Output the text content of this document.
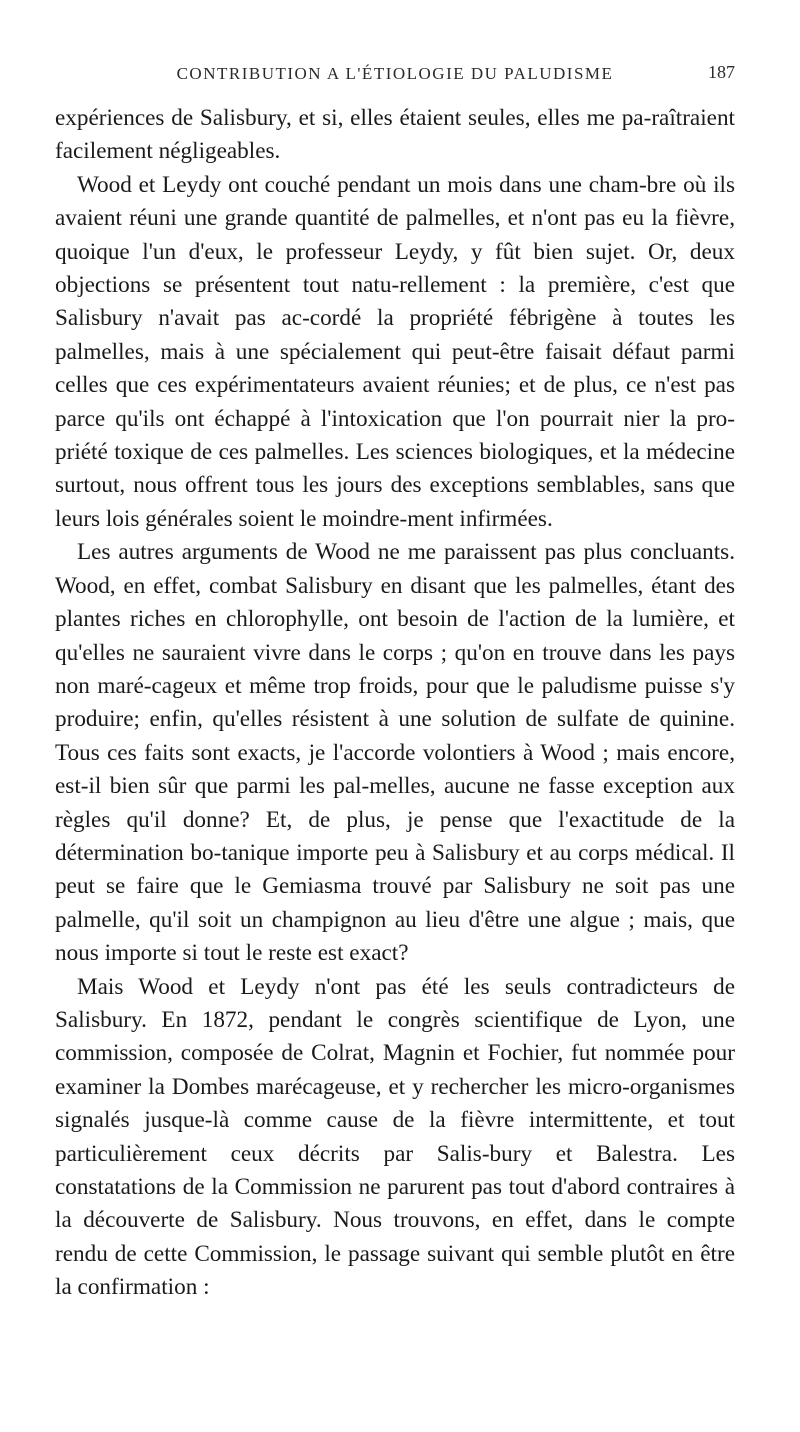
CONTRIBUTION A L'ÉTIOLOGIE DU PALUDISME	187

expériences de Salisbury, et si, elles étaient seules, elles me pa-raîtraient facilement négligeables.

Wood et Leydy ont couché pendant un mois dans une cham-bre où ils avaient réuni une grande quantité de palmelles, et n'ont pas eu la fièvre, quoique l'un d'eux, le professeur Leydy, y fût bien sujet. Or, deux objections se présentent tout natu-rellement : la première, c'est que Salisbury n'avait pas ac-cordé la propriété fébrigène à toutes les palmelles, mais à une spécialement qui peut-être faisait défaut parmi celles que ces expérimentateurs avaient réunies; et de plus, ce n'est pas parce qu'ils ont échappé à l'intoxication que l'on pourrait nier la pro-priété toxique de ces palmelles. Les sciences biologiques, et la médecine surtout, nous offrent tous les jours des exceptions semblables, sans que leurs lois générales soient le moindre-ment infirmées.

Les autres arguments de Wood ne me paraissent pas plus concluants. Wood, en effet, combat Salisbury en disant que les palmelles, étant des plantes riches en chlorophylle, ont besoin de l'action de la lumière, et qu'elles ne sauraient vivre dans le corps ; qu'on en trouve dans les pays non maré-cageux et même trop froids, pour que le paludisme puisse s'y produire; enfin, qu'elles résistent à une solution de sulfate de quinine. Tous ces faits sont exacts, je l'accorde volontiers à Wood ; mais encore, est-il bien sûr que parmi les pal-melles, aucune ne fasse exception aux règles qu'il donne? Et, de plus, je pense que l'exactitude de la détermination bo-tanique importe peu à Salisbury et au corps médical. Il peut se faire que le Gemiasma trouvé par Salisbury ne soit pas une palmelle, qu'il soit un champignon au lieu d'être une algue ; mais, que nous importe si tout le reste est exact?

Mais Wood et Leydy n'ont pas été les seuls contradicteurs de Salisbury. En 1872, pendant le congrès scientifique de Lyon, une commission, composée de Colrat, Magnin et Fochier, fut nommée pour examiner la Dombes marécageuse, et y rechercher les micro-organismes signalés jusque-là comme cause de la fièvre intermittente, et tout particulièrement ceux décrits par Salis-bury et Balestra. Les constatations de la Commission ne parurent pas tout d'abord contraires à la découverte de Salisbury. Nous trouvons, en effet, dans le compte rendu de cette Commission, le passage suivant qui semble plutôt en être la confirmation :
